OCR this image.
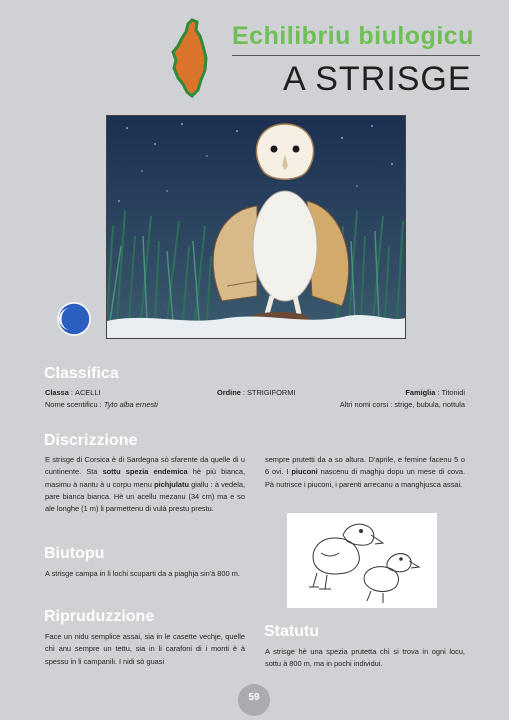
Echilibriu biulogicu
A STRISGE
Classifica
Classa : ACELLI	Ordine : STRIGIFORMI	Famiglia : Titonidi
Nome scentificu : Tyto alba ernesti	Altri nomi corsi : strige, bubula, nottula
Discrizzione
E strisge di Corsica è di Sardegna sò sfarente da quelle di u cuntinente. Sta sottu spezia endemica hè più bianca, masimu à nantu à u corpu menu pichjulatu giallu : à vedela, pare bianca bianca. Hè un acellu mezanu (34 cm) ma e so ale longhe (1 m) li parmettenu di vulà prestu prestu.
Biutopu
A strisge campa in li lochi scuparti da a piaghja sin'à 800 m.
Ripruduzzione
Face un nidu semplice assai, sia in le casette vechje, quelle chì anu sempre un tettu, sia in li carafoni di i monti è à spessu in li campanili. I nidi sò guasi
sempre prutetti da a so altura. D'aprile, e femine facenu 5 o 6 ovi. I piuconi nascenu di maghju dopu un mese di cova. Pà nutrisce i piuconi, i parenti arrecanu a manghjusca assai.
Statutu
A strisge hè una spezia prutetta chì si trova in ogni locu, sottu à 800 m, ma in pochi individui.
59
